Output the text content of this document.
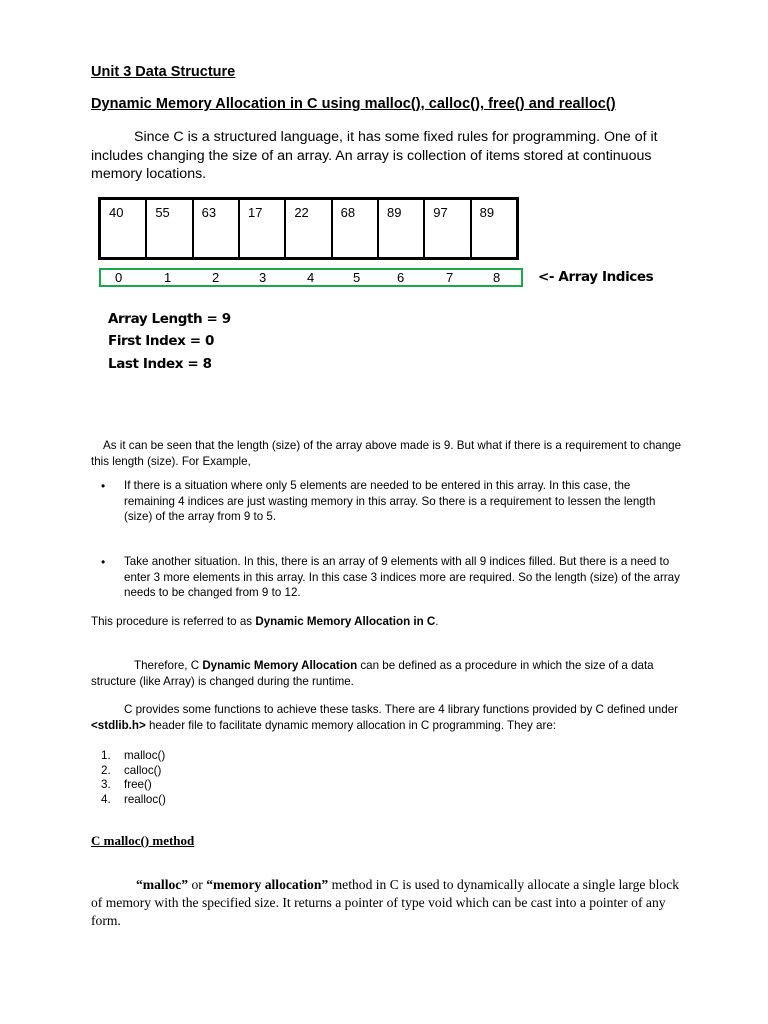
Unit 3 Data Structure
Dynamic Memory Allocation in C using malloc(), calloc(), free() and realloc()

Since C is a structured language, it has some fixed rules for programming. One of it includes changing the size of an array. An array is collection of items stored at continuous memory locations.

40	55	63	17	22	68	89	97	89
0	1	2	3	4	5	6	7	8	<- Array Indices
Array Length = 9
First Index = 0
Last Index = 8

As it can be seen that the length (size) of the array above made is 9. But what if there is a requirement to change this length (size). For Example,

• If there is a situation where only 5 elements are needed to be entered in this array. In this case, the remaining 4 indices are just wasting memory in this array. So there is a requirement to lessen the length (size) of the array from 9 to 5.

• Take another situation. In this, there is an array of 9 elements with all 9 indices filled. But there is a need to enter 3 more elements in this array. In this case 3 indices more are required. So the length (size) of the array needs to be changed from 9 to 12.

This procedure is referred to as Dynamic Memory Allocation in C.

Therefore, C Dynamic Memory Allocation can be defined as a procedure in which the size of a data structure (like Array) is changed during the runtime.

C provides some functions to achieve these tasks. There are 4 library functions provided by C defined under <stdlib.h> header file to facilitate dynamic memory allocation in C programming. They are:

1. malloc()
2. calloc()
3. free()
4. realloc()
C malloc() method

“malloc” or “memory allocation” method in C is used to dynamically allocate a single large block of memory with the specified size. It returns a pointer of type void which can be cast into a pointer of any form.
